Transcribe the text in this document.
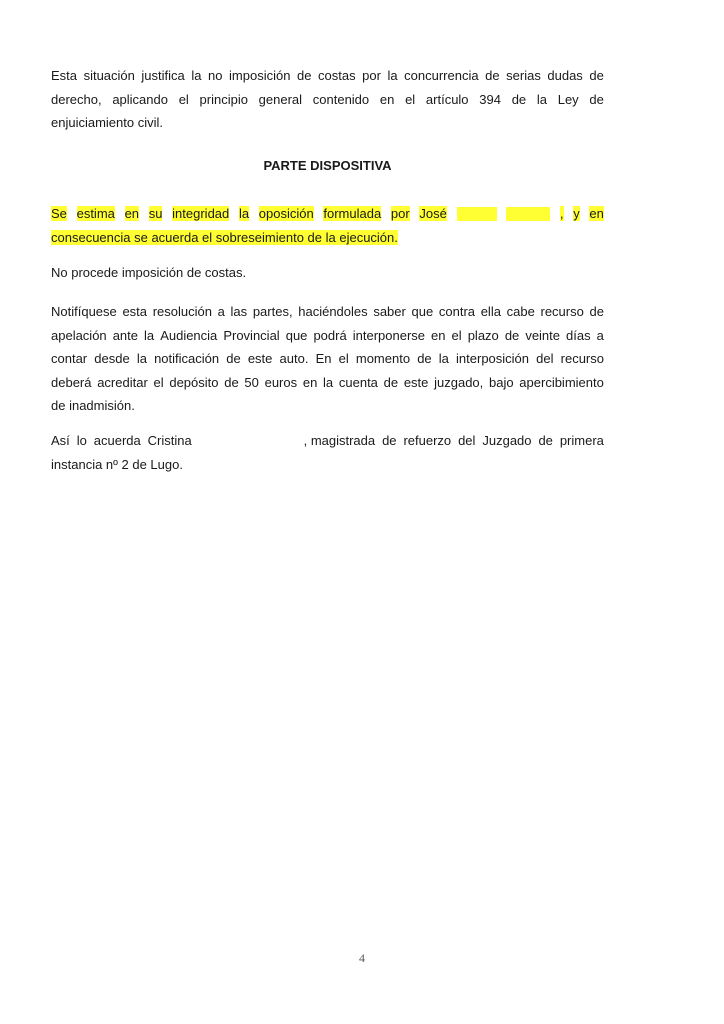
Esta situación justifica la no imposición de costas por la concurrencia de serias dudas de
derecho, aplicando el principio general contenido en el artículo 394 de la Ley de
enjuiciamiento civil.
PARTE DISPOSITIVA
Se estima en su integridad la oposición formulada por José	, y en
consecuencia se acuerda el sobreseimiento de la ejecución.
No procede imposición de costas.
Notifíquese esta resolución a las partes, haciéndoles saber que contra ella cabe recurso de
apelación ante la Audiencia Provincial que podrá interponerse en el plazo de veinte días a
contar desde la notificación de este auto. En el momento de la interposición del recurso
deberá acreditar el depósito de 50 euros en la cuenta de este juzgado, bajo apercibimiento
de inadmisión.
Así lo acuerda Cristina	, magistrada de refuerzo del Juzgado de primera
instancia nº 2 de Lugo.
4
